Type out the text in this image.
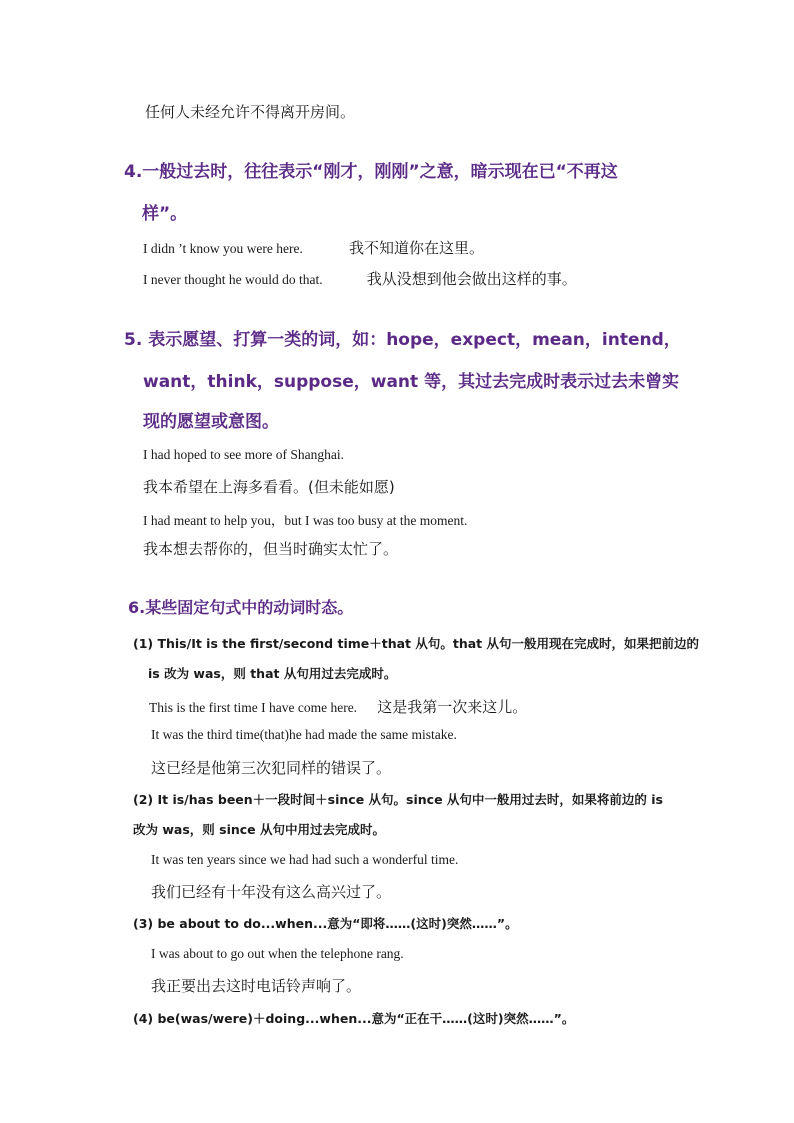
任何人未经允许不得离开房间。
4.一般过去时，往往表示“刚才，刚刚”之意，暗示现在已“不再这
样”。
I didn ’t know you were here.	我不知道你在这里。
I never thought he would do that.	我从没想到他会做出这样的事。
5. 表示愿望、打算一类的词，如：hope，expect，mean，intend，
want，think，suppose，want 等，其过去完成时表示过去未曾实
现的愿望或意图。
I had hoped to see more of Shanghai.
我本希望在上海多看看。(但未能如愿)
I had meant to help you，but I was too busy at the moment.
我本想去帮你的，但当时确实太忙了。
6.某些固定句式中的动词时态。
(1) This/It is the first/second time＋that 从句。that 从句一般用现在完成时，如果把前边的
is 改为 was，则 that 从句用过去完成时。
This is the first time I have come here. 这是我第一次来这儿。
It was the third time(that)he had made the same mistake.
这已经是他第三次犯同样的错误了。
(2) It is/has been＋一段时间＋since 从句。since 从句中一般用过去时，如果将前边的 is
改为 was，则 since 从句中用过去完成时。
It was ten years since we had had such a wonderful time.
我们已经有十年没有这么高兴过了。
(3) be about to do...when...意为“即将……(这时)突然……”。
I was about to go out when the telephone rang.
我正要出去这时电话铃声响了。
(4) be(was/were)＋doing...when...意为“正在干……(这时)突然……”。
